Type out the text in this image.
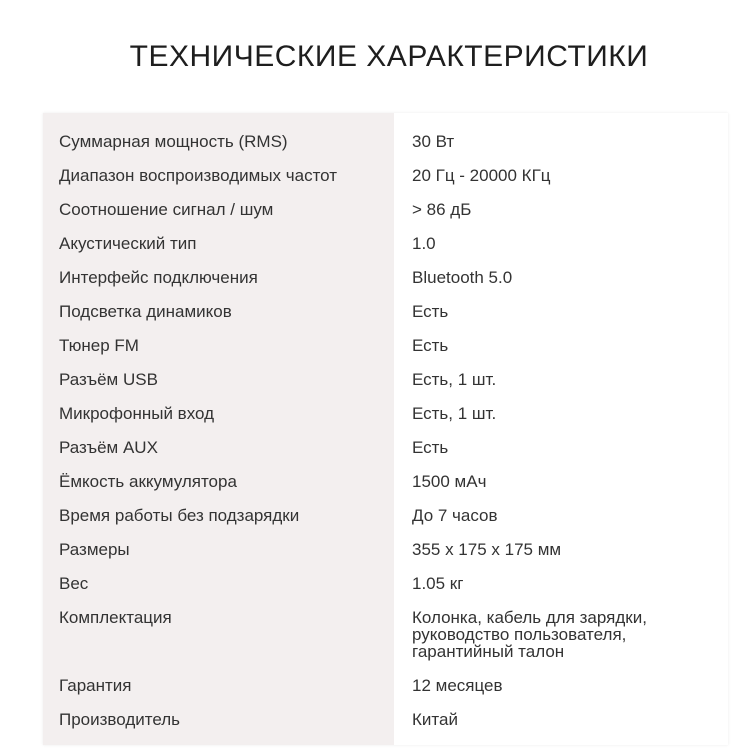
ТЕХНИЧЕСКИЕ ХАРАКТЕРИСТИКИ
Суммарная мощность (RMS)	30 Вт
Диапазон воспроизводимых частот	20 Гц - 20000 КГц
Соотношение сигнал / шум	> 86 дБ
Акустический тип	1.0
Интерфейс подключения	Bluetooth 5.0
Подсветка динамиков	Есть
Тюнер FM	Есть
Разъём USB	Есть, 1 шт.
Микрофонный вход	Есть, 1 шт.
Разъём AUX	Есть
Ёмкость аккумулятора	1500 мАч
Время работы без подзарядки	До 7 часов
Размеры	355 x 175 x 175 мм
Вес	1.05 кг
Комплектация	Колонка, кабель для зарядки,
руководство пользователя,
гарантийный талон
Гарантия	12 месяцев
Производитель	Китай
